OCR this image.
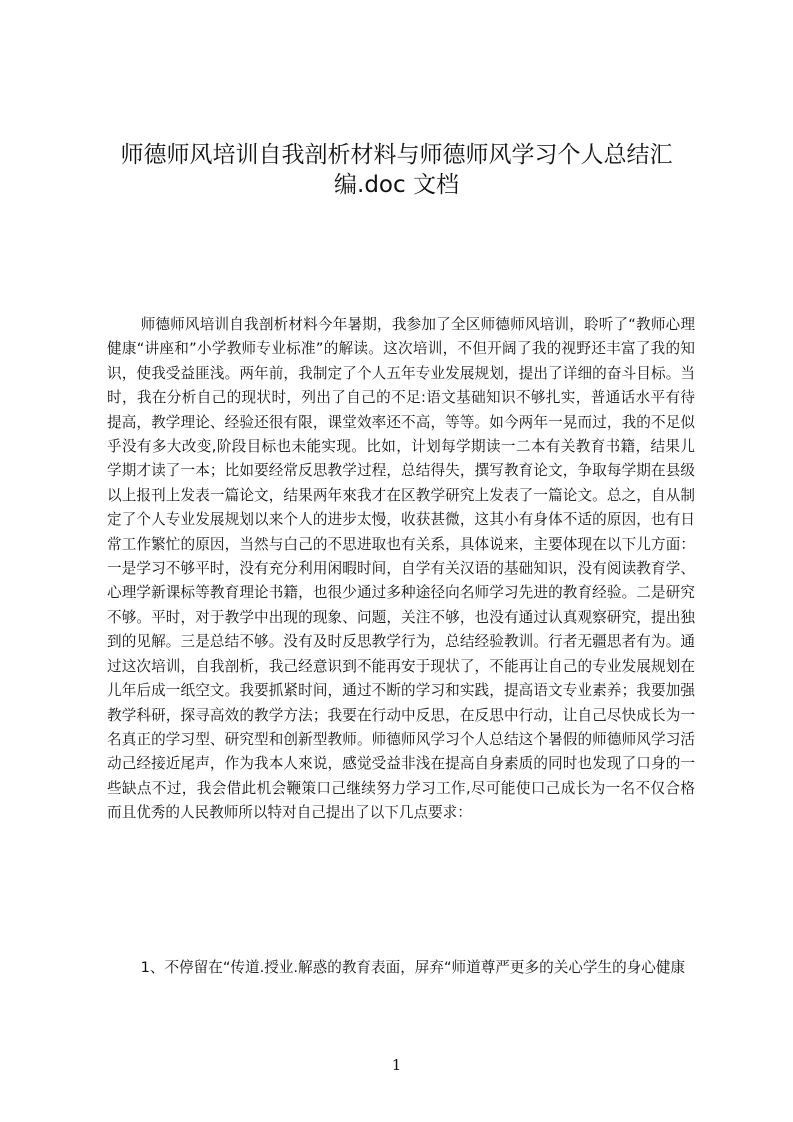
师德师风培训自我剖析材料与师德师风学习个人总结汇
编.doc 文档

师德师风培训自我剖析材料今年暑期，我参加了全区师德师风培训，聆听了“教师心理健康“讲座和”小学教师专业标准”的解读。这次培训，不但开阔了我的视野还丰富了我的知识，使我受益匪浅。两年前，我制定了个人五年专业发展规划，提出了详细的奋斗目标。当时，我在分析自己的现状时，列出了自己的不足:语文基础知识不够扎实，普通话水平有待提高，教学理论、经验还很有限，课堂效率还不高，等等。如今两年一晃而过，我的不足似乎没有多大改变,阶段目标也未能实现。比如，计划每学期读一二本有关教育书籍，结果儿学期才读了一本；比如要经常反思教学过程，总结得失，撰写教育论文，争取每学期在县级以上报刊上发表一篇论文，结果两年來我才在区教学研究上发表了一篇论文。总之，自从制定了个人专业发展规划以来个人的进步太慢，收获甚微，这其小有身体不适的原因，也有日常工作繁忙的原因，当然与白己的不思进取也有关系，具体说来，主要体现在以下儿方面：一是学习不够平时，没有充分利用闲暇时间，自学有关汉语的基础知识，没有阅读教育学、心理学新课标等教育理论书籍，也很少通过多种途径向名师学习先进的教育经验。二是研究不够。平时，对于教学中出现的现象、问题，关注不够，也没有通过认真观察研究，提出独到的见解。三是总结不够。没有及时反思教学行为，总结经验教训。行者无疆思者有为。通过这次培训，自我剖析，我己经意识到不能再安于现状了，不能再让自己的专业发展规划在儿年后成一纸空文。我要抓紧时间，通过不断的学习和实践，提高语文专业素养；我要加强教学科研，探寻高效的教学方法；我要在行动中反思，在反思中行动，让自己尽快成长为一名真正的学习型、研究型和创新型教师。师德师风学习个人总结这个暑假的师德师风学习活动己经接近尾声，作为我本人來说，感觉受益非浅在提高自身素质的同时也发现了口身的一些缺点不过，我会借此机会鞭策口己继续努力学习工作,尽可能使口己成长为一名不仅合格而且优秀的人民教师所以特对自己提出了以下几点要求：

1、不停留在“传道.授业.解惑的教育表面，屏弃“师道尊严更多的关心学生的身心健康

1
